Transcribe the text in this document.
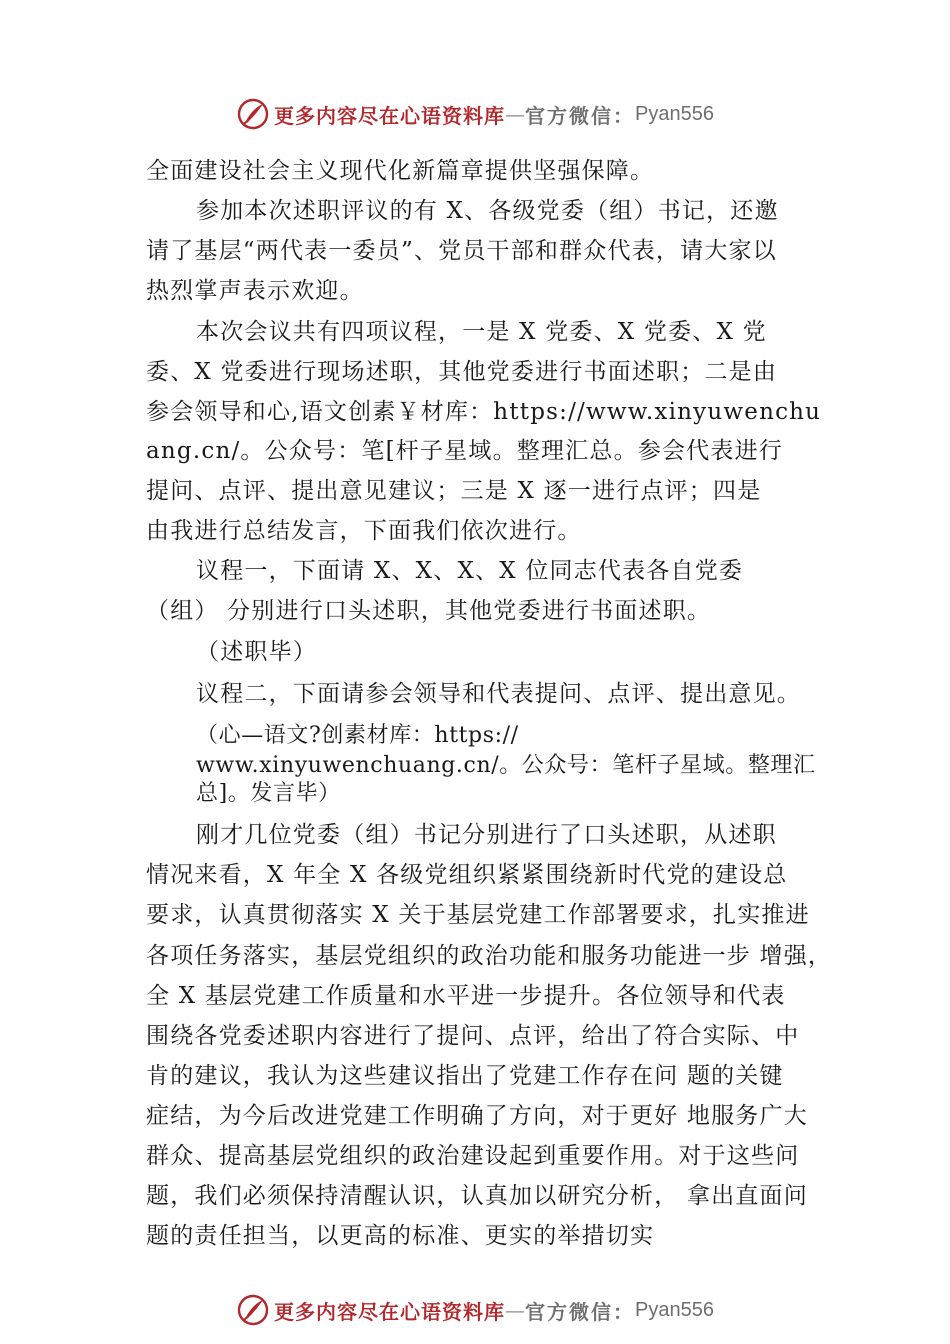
更多内容尽在心语资料库 — 官方微信： Pyan556
全面建设社会主义现代化新篇章提供坚强保障。
参加本次述职评议的有 X、各级党委（组）书记，还邀
请了基层“两代表一委员”、党员干部和群众代表，请大家以
热烈掌声表示欢迎。
本次会议共有四项议程，一是 X 党委、X 党委、X 党
委、X 党委进行现场述职，其他党委进行书面述职；二是由
参会领导和心,语文创素￥材库：https://www.xinyuwenchu
ang.cn/。公众号：笔[杆子星域。整理汇总。参会代表进行
提问、点评、提出意见建议；三是 X 逐一进行点评；四是
由我进行总结发言，下面我们依次进行。
议程一，下面请 X、X、X、X 位同志代表各自党委
（组） 分别进行口头述职，其他党委进行书面述职。
（述职毕）
议程二，下面请参会领导和代表提问、点评、提出意见。
（心—语文?创素材库：https://
www.xinyuwenchuang.cn/。公众号：笔杆子星域。整理汇
总]。发言毕）
刚才几位党委（组）书记分别进行了口头述职，从述职
情况来看，X 年全 X 各级党组织紧紧围绕新时代党的建设总
要求，认真贯彻落实 X 关于基层党建工作部署要求，扎实推进
各项任务落实，基层党组织的政治功能和服务功能进一步 增强，
全 X 基层党建工作质量和水平进一步提升。各位领导和代表
围绕各党委述职内容进行了提问、点评，给出了符合实际、中
肯的建议，我认为这些建议指出了党建工作存在问 题的关键
症结，为今后改进党建工作明确了方向，对于更好 地服务广大
群众、提高基层党组织的政治建设起到重要作用。对于这些问
题，我们必须保持清醒认识，认真加以研究分析， 拿出直面问
题的责任担当，以更高的标准、更实的举措切实
更多内容尽在心语资料库 — 官方微信： Pyan556
